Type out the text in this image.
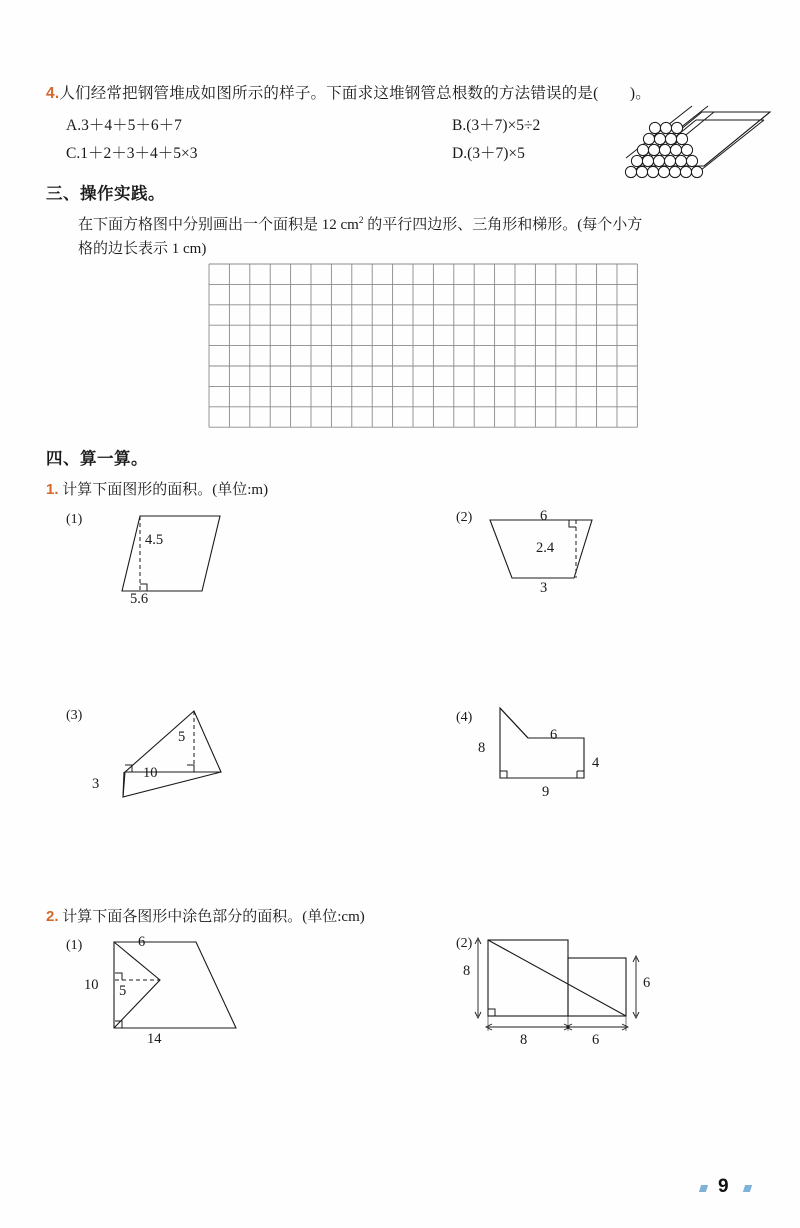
4.人们经常把钢管堆成如图所示的样子。下面求这堆钢管总根数的方法错误的是(　　)。
A.3＋4＋5＋6＋7	B.(3＋7)×5÷2
C.1＋2＋3＋4＋5×3	D.(3＋7)×5
三、操作实践。
在下面方格图中分别画出一个面积是 12 $cm^2$ 的平行四边形、三角形和梯形。(每个小方
格的边长表示 1 cm)
四、算一算。
1. 计算下面图形的面积。(单位:m)
(1)
4.5
5.6
(2)	6
2.4
3
(3)
5
10
3
(4)
8
6
4
9
2. 计算下面各图形中涂色部分的面积。(单位:cm)
(1)	6
10 5
14
(2)
8
6
8	6
9
